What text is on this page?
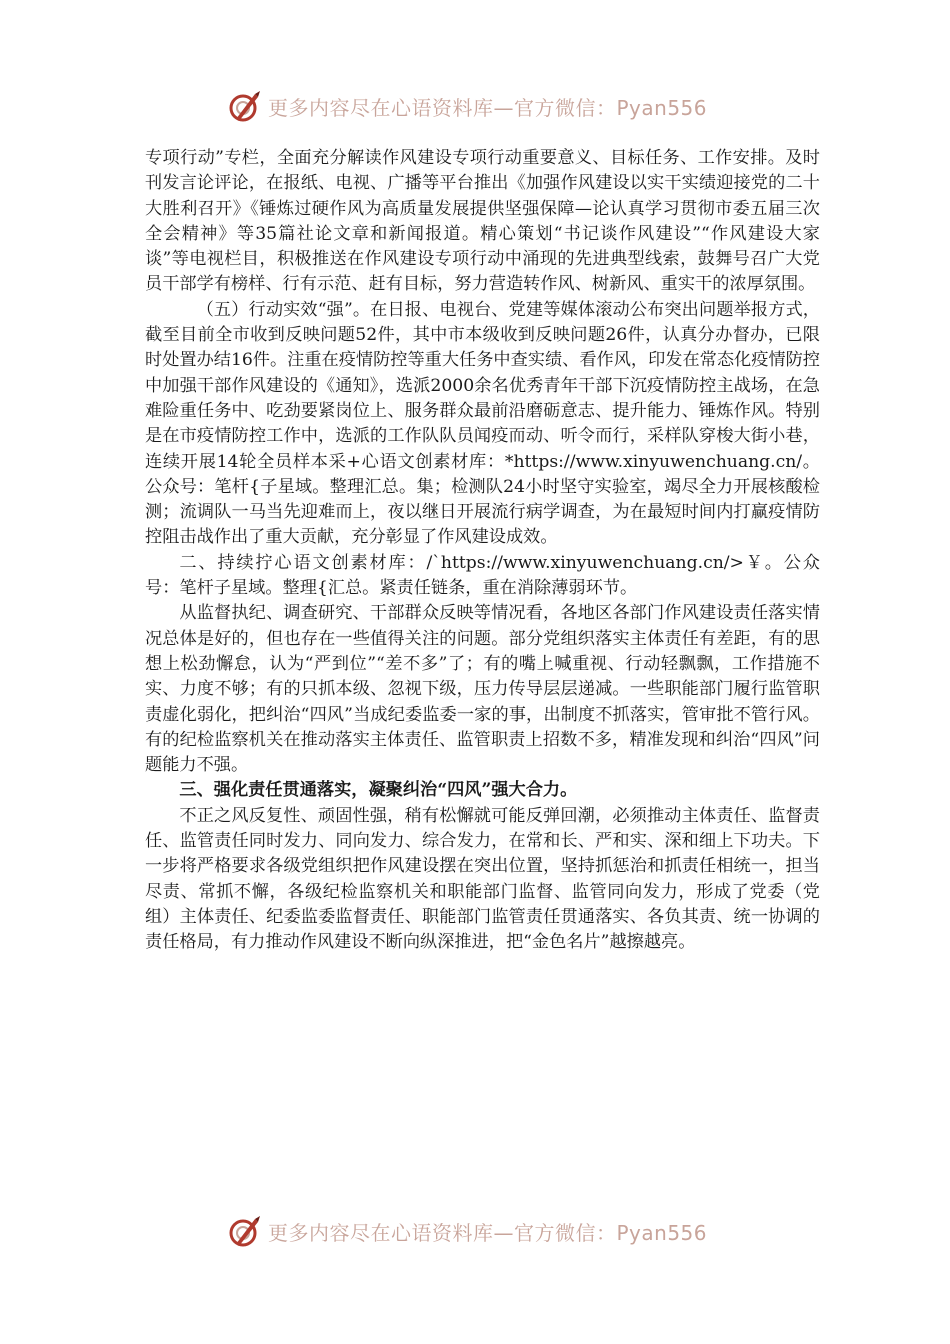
更多内容尽在心语资料库—官方微信：Pyan556

专项行动”专栏，全面充分解读作风建设专项行动重要意义、目标任务、工作安排。及时刊发言论评论，在报纸、电视、广播等平台推出《加强作风建设以实干实绩迎接党的二十大胜利召开》《锤炼过硬作风为高质量发展提供坚强保障—论认真学习贯彻市委五届三次全会精神》等35篇社论文章和新闻报道。精心策划“书记谈作风建设”“作风建设大家谈”等电视栏目，积极推送在作风建设专项行动中涌现的先进典型线索，鼓舞号召广大党员干部学有榜样、行有示范、赶有目标，努力营造转作风、树新风、重实干的浓厚氛围。

（五）行动实效“强”。在日报、电视台、党建等媒体滚动公布突出问题举报方式，截至目前全市收到反映问题52件，其中市本级收到反映问题26件，认真分办督办，已限时处置办结16件。注重在疫情防控等重大任务中查实绩、看作风，印发在常态化疫情防控中加强干部作风建设的《通知》，选派2000余名优秀青年干部下沉疫情防控主战场，在急难险重任务中、吃劲要紧岗位上、服务群众最前沿磨砺意志、提升能力、锤炼作风。特别是在市疫情防控工作中，选派的工作队队员闻疫而动、听令而行，采样队穿梭大街小巷，连续开展14轮全员样本采+心语文创素材库：*https://www.xinyuwenchuang.cn/。公众号：笔杆{子星域。整理汇总。集；检测队24小时坚守实验室，竭尽全力开展核酸检测；流调队一马当先迎难而上，夜以继日开展流行病学调查，为在最短时间内打赢疫情防控阻击战作出了重大贡献，充分彰显了作风建设成效。

二、持续拧心语文创素材库：/`https://www.xinyuwenchuang.cn/>￥。公众号：笔杆子星域。整理{汇总。紧责任链条，重在消除薄弱环节。

从监督执纪、调查研究、干部群众反映等情况看，各地区各部门作风建设责任落实情况总体是好的，但也存在一些值得关注的问题。部分党组织落实主体责任有差距，有的思想上松劲懈怠，认为“严到位”“差不多”了；有的嘴上喊重视、行动轻飘飘，工作措施不实、力度不够；有的只抓本级、忽视下级，压力传导层层递减。一些职能部门履行监管职责虚化弱化，把纠治“四风”当成纪委监委一家的事，出制度不抓落实，管审批不管行风。有的纪检监察机关在推动落实主体责任、监管职责上招数不多，精准发现和纠治“四风”问题能力不强。

三、强化责任贯通落实，凝聚纠治“四风”强大合力。

不正之风反复性、顽固性强，稍有松懈就可能反弹回潮，必须推动主体责任、监督责任、监管责任同时发力、同向发力、综合发力，在常和长、严和实、深和细上下功夫。下一步将严格要求各级党组织把作风建设摆在突出位置，坚持抓惩治和抓责任相统一，担当尽责、常抓不懈，各级纪检监察机关和职能部门监督、监管同向发力，形成了党委（党组）主体责任、纪委监委监督责任、职能部门监管责任贯通落实、各负其责、统一协调的责任格局，有力推动作风建设不断向纵深推进，把“金色名片”越擦越亮。

更多内容尽在心语资料库—官方微信：Pyan556
